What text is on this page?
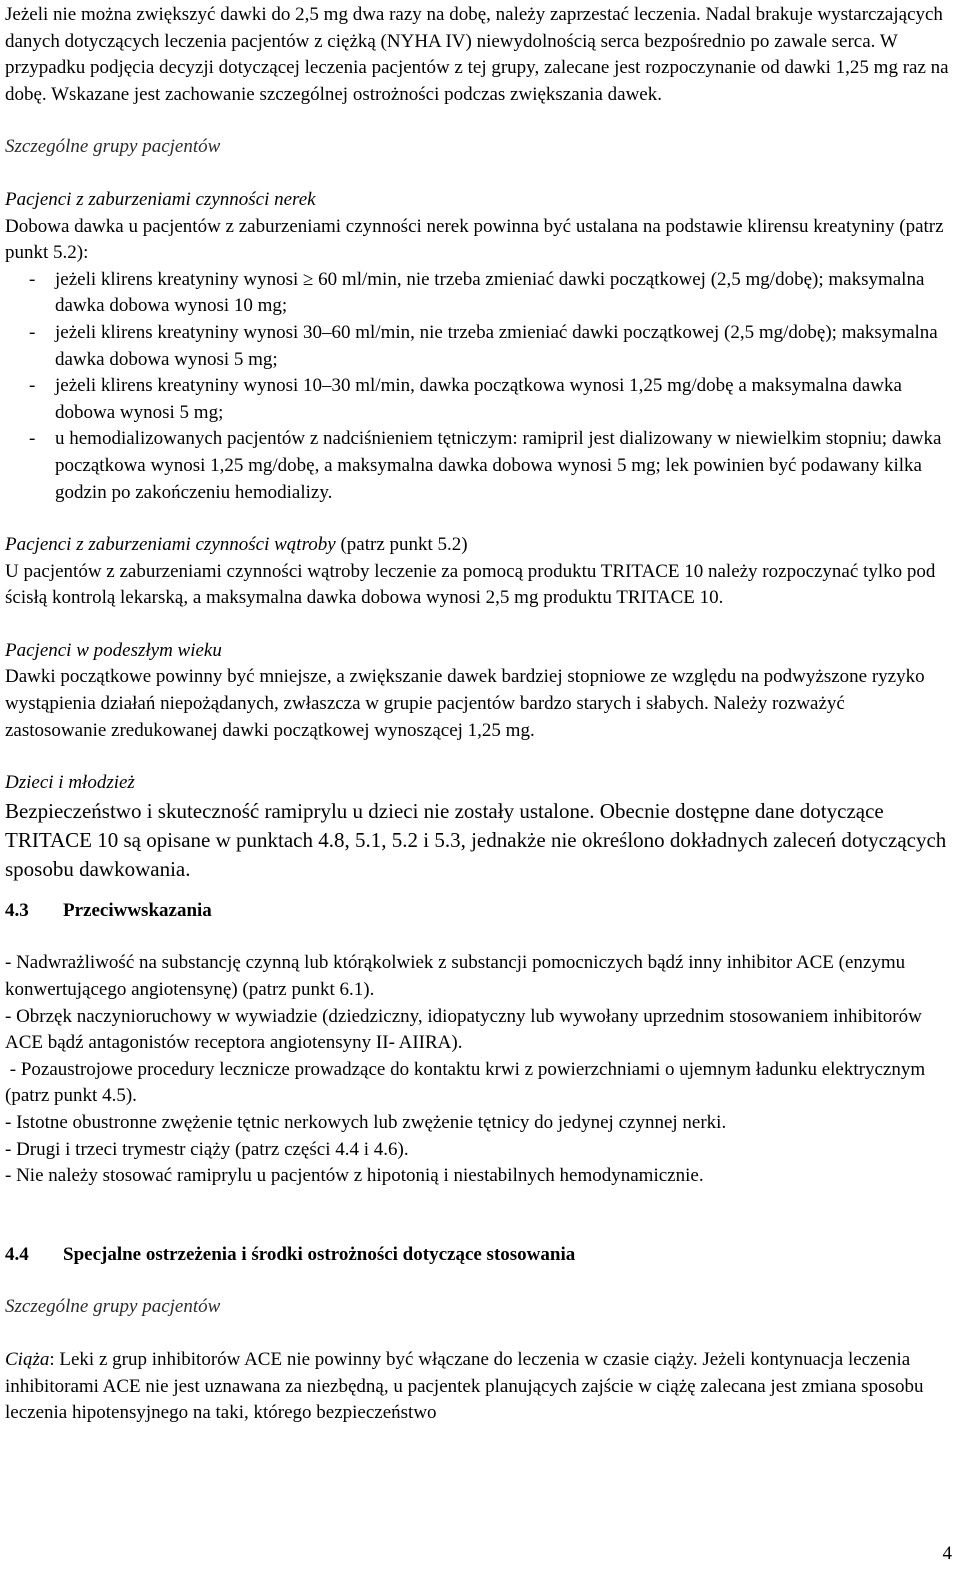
Jeżeli nie można zwiększyć dawki do 2,5 mg dwa razy na dobę, należy zaprzestać leczenia. Nadal brakuje wystarczających danych dotyczących leczenia pacjentów z ciężką (NYHA IV) niewydolnością serca bezpośrednio po zawale serca. W przypadku podjęcia decyzji dotyczącej leczenia pacjentów z tej grupy, zalecane jest rozpoczynanie od dawki 1,25 mg raz na dobę. Wskazane jest zachowanie szczególnej ostrożności podczas zwiększania dawek.

Szczególne grupy pacjentów

Pacjenci z zaburzeniami czynności nerek

Dobowa dawka u pacjentów z zaburzeniami czynności nerek powinna być ustalana na podstawie klirensu kreatyniny (patrz punkt 5.2):

- jeżeli klirens kreatyniny wynosi ≥ 60 ml/min, nie trzeba zmieniać dawki początkowej (2,5 mg/dobę); maksymalna dawka dobowa wynosi 10 mg;
- jeżeli klirens kreatyniny wynosi 30–60 ml/min, nie trzeba zmieniać dawki początkowej (2,5 mg/dobę); maksymalna dawka dobowa wynosi 5 mg;
- jeżeli klirens kreatyniny wynosi 10–30 ml/min, dawka początkowa wynosi 1,25 mg/dobę a maksymalna dawka dobowa wynosi 5 mg;
- u hemodializowanych pacjentów z nadciśnieniem tętniczym: ramipril jest dializowany w niewielkim stopniu; dawka początkowa wynosi 1,25 mg/dobę, a maksymalna dawka dobowa wynosi 5 mg; lek powinien być podawany kilka godzin po zakończeniu hemodializy.

Pacjenci z zaburzeniami czynności wątroby (patrz punkt 5.2)

U pacjentów z zaburzeniami czynności wątroby leczenie za pomocą produktu TRITACE 10 należy rozpoczynać tylko pod ścisłą kontrolą lekarską, a maksymalna dawka dobowa wynosi 2,5 mg produktu TRITACE 10.

Pacjenci w podeszłym wieku

Dawki początkowe powinny być mniejsze, a zwiększanie dawek bardziej stopniowe ze względu na podwyższone ryzyko wystąpienia działań niepożądanych, zwłaszcza w grupie pacjentów bardzo starych i słabych. Należy rozważyć zastosowanie zredukowanej dawki początkowej wynoszącej 1,25 mg.

Dzieci i młodzież

Bezpieczeństwo i skuteczność ramiprylu u dzieci nie zostały ustalone. Obecnie dostępne dane dotyczące TRITACE 10 są opisane w punktach 4.8, 5.1, 5.2 i 5.3, jednakże nie określono dokładnych zaleceń dotyczących sposobu dawkowania.

4.3 Przeciwwskazania

- Nadwrażliwość na substancję czynną lub którąkolwiek z substancji pomocniczych bądź inny inhibitor ACE (enzymu konwertującego angiotensynę) (patrz punkt 6.1).

- Obrzęk naczynioruchowy w wywiadzie (dziedziczny, idiopatyczny lub wywołany uprzednim stosowaniem inhibitorów ACE bądź antagonistów receptora angiotensyny II- AIIRA).

- Pozaustrojowe procedury lecznicze prowadzące do kontaktu krwi z powierzchniami o ujemnym ładunku elektrycznym (patrz punkt 4.5).

- Istotne obustronne zwężenie tętnic nerkowych lub zwężenie tętnicy do jedynej czynnej nerki.

- Drugi i trzeci trymestr ciąży (patrz części 4.4 i 4.6).

- Nie należy stosować ramiprylu u pacjentów z hipotonią i niestabilnych hemodynamicznie.

4.4 Specjalne ostrzeżenia i środki ostrożności dotyczące stosowania

Szczególne grupy pacjentów

Ciąża: Leki z grup inhibitorów ACE nie powinny być włączane do leczenia w czasie ciąży. Jeżeli kontynuacja leczenia inhibitorami ACE nie jest uznawana za niezbędną, u pacjentek planujących zajście w ciążę zalecana jest zmiana sposobu leczenia hipotensyjnego na taki, którego bezpieczeństwo

4
